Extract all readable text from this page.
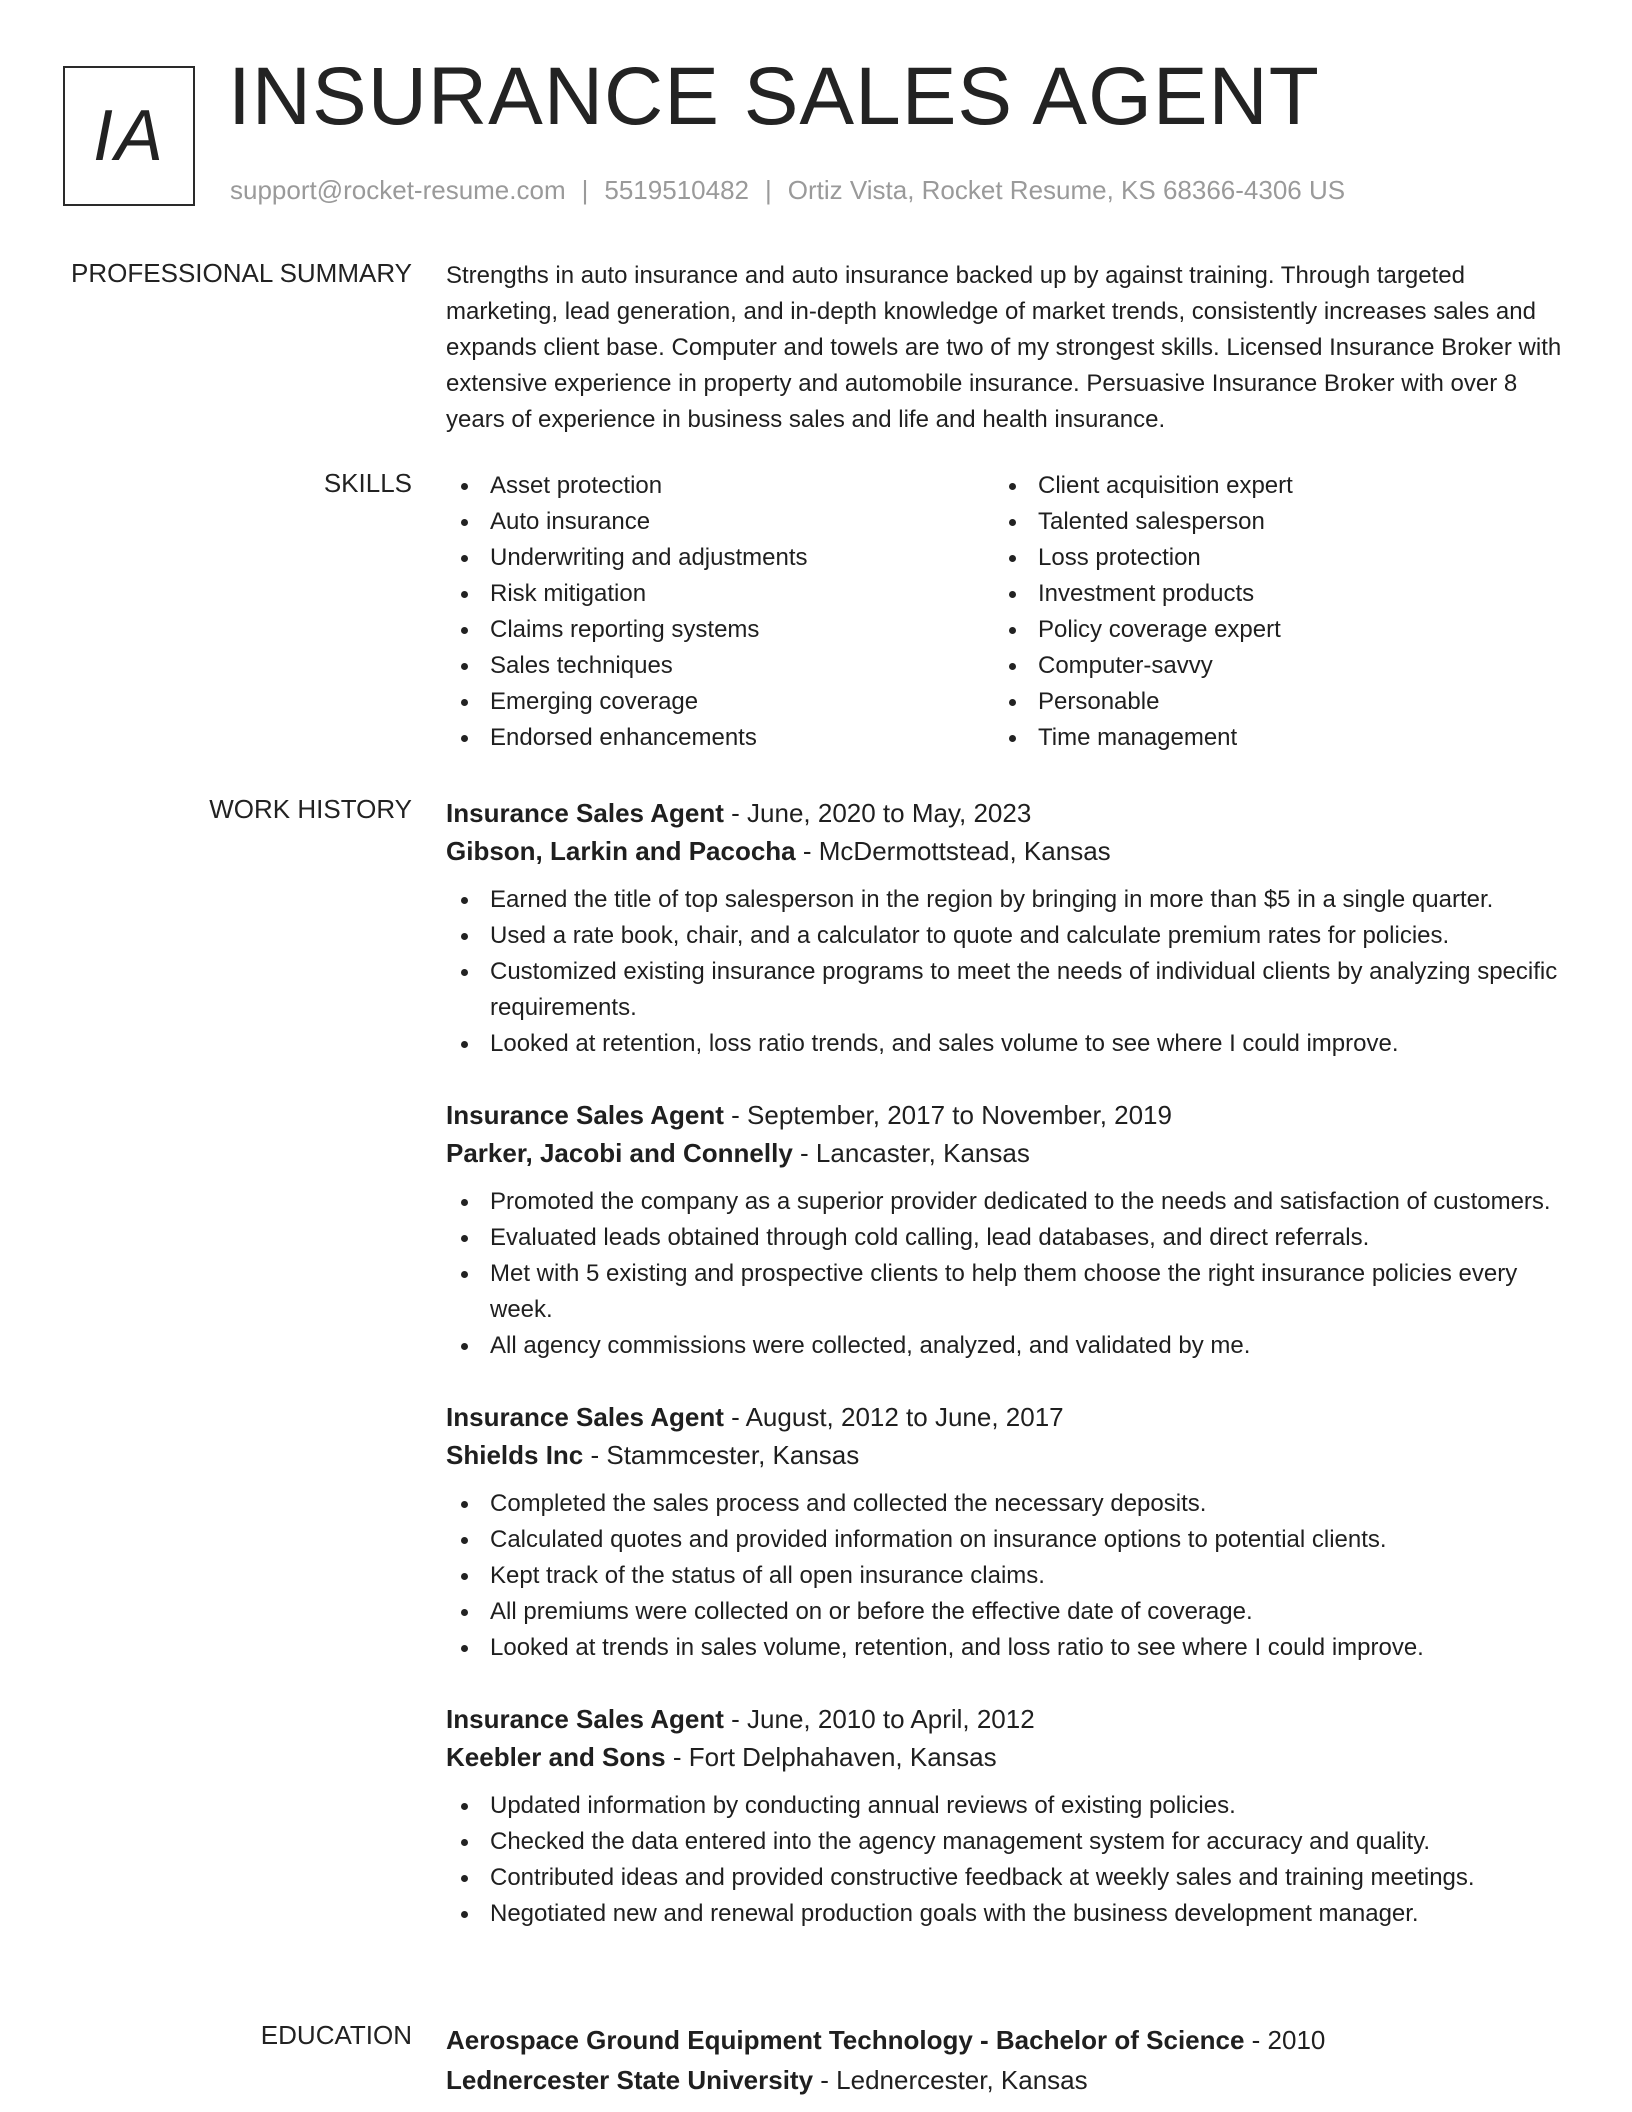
IA INSURANCE SALES AGENT
support@rocket-resume.com | 5519510482 | Ortiz Vista, Rocket Resume, KS 68366-4306 US
PROFESSIONAL SUMMARY Strengths in auto insurance and auto insurance backed up by against training. Through targeted marketing, lead generation, and in-depth knowledge of market trends, consistently increases sales and expands client base. Computer and towels are two of my strongest skills. Licensed Insurance Broker with extensive experience in property and automobile insurance. Persuasive Insurance Broker with over 8 years of experience in business sales and life and health insurance.

SKILLS	Asset protection
Auto insurance
Underwriting and adjustments
Risk mitigation
Claims reporting systems
Sales techniques
Emerging coverage
Endorsed enhancements
Client acquisition expert
Talented salesperson
Loss protection
Investment products
Policy coverage expert
Computer-savvy
Personable
Time management
WORK HISTORY Insurance Sales Agent - June, 2020 to May, 2023
Gibson, Larkin and Pacocha - McDermottstead, Kansas
Earned the title of top salesperson in the region by bringing in more than $5 in a single quarter.
Used a rate book, chair, and a calculator to quote and calculate premium rates for policies.
Customized existing insurance programs to meet the needs of individual clients by analyzing specific requirements.
Looked at retention, loss ratio trends, and sales volume to see where I could improve.
Insurance Sales Agent - September, 2017 to November, 2019
Parker, Jacobi and Connelly - Lancaster, Kansas
Promoted the company as a superior provider dedicated to the needs and satisfaction of customers.
Evaluated leads obtained through cold calling, lead databases, and direct referrals.
Met with 5 existing and prospective clients to help them choose the right insurance policies every week.
All agency commissions were collected, analyzed, and validated by me.
Insurance Sales Agent - August, 2012 to June, 2017
Shields Inc - Stammcester, Kansas
Completed the sales process and collected the necessary deposits.
Calculated quotes and provided information on insurance options to potential clients.
Kept track of the status of all open insurance claims.
All premiums were collected on or before the effective date of coverage.
Looked at trends in sales volume, retention, and loss ratio to see where I could improve.
Insurance Sales Agent - June, 2010 to April, 2012
Keebler and Sons - Fort Delphahaven, Kansas
Updated information by conducting annual reviews of existing policies.
Checked the data entered into the agency management system for accuracy and quality.
Contributed ideas and provided constructive feedback at weekly sales and training meetings.
Negotiated new and renewal production goals with the business development manager.
EDUCATION Aerospace Ground Equipment Technology - Bachelor of Science - 2010
Lednercester State University - Lednercester, Kansas
